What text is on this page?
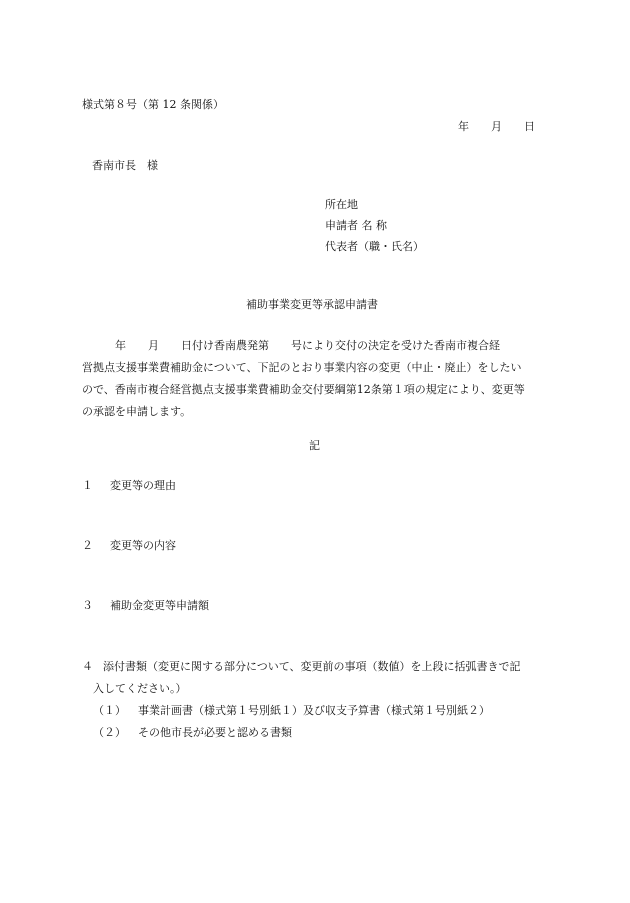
様式第８号（第 12 条関係）
年　　月　　日
香南市長　様
所在地
申請者 名 称
代表者（職・氏名）
補助事業変更等承認申請書
　　　年　　月　　日付け香南農発第　　号により交付の決定を受けた香南市複合経
営拠点支援事業費補助金について、下記のとおり事業内容の変更（中止・廃止）をしたい
ので、香南市複合経営拠点支援事業費補助金交付要綱第12条第１項の規定により、変更等
の承認を申請します。
記
１ 変更等の理由
２ 変更等の内容
３ 補助金変更等申請額
４ 添付書類（変更に関する部分について、変更前の事項（数値）を上段に括弧書きで記
入してください。）
（１） 事業計画書（様式第１号別紙１）及び収支予算書（様式第１号別紙２）
（２） その他市長が必要と認める書類
